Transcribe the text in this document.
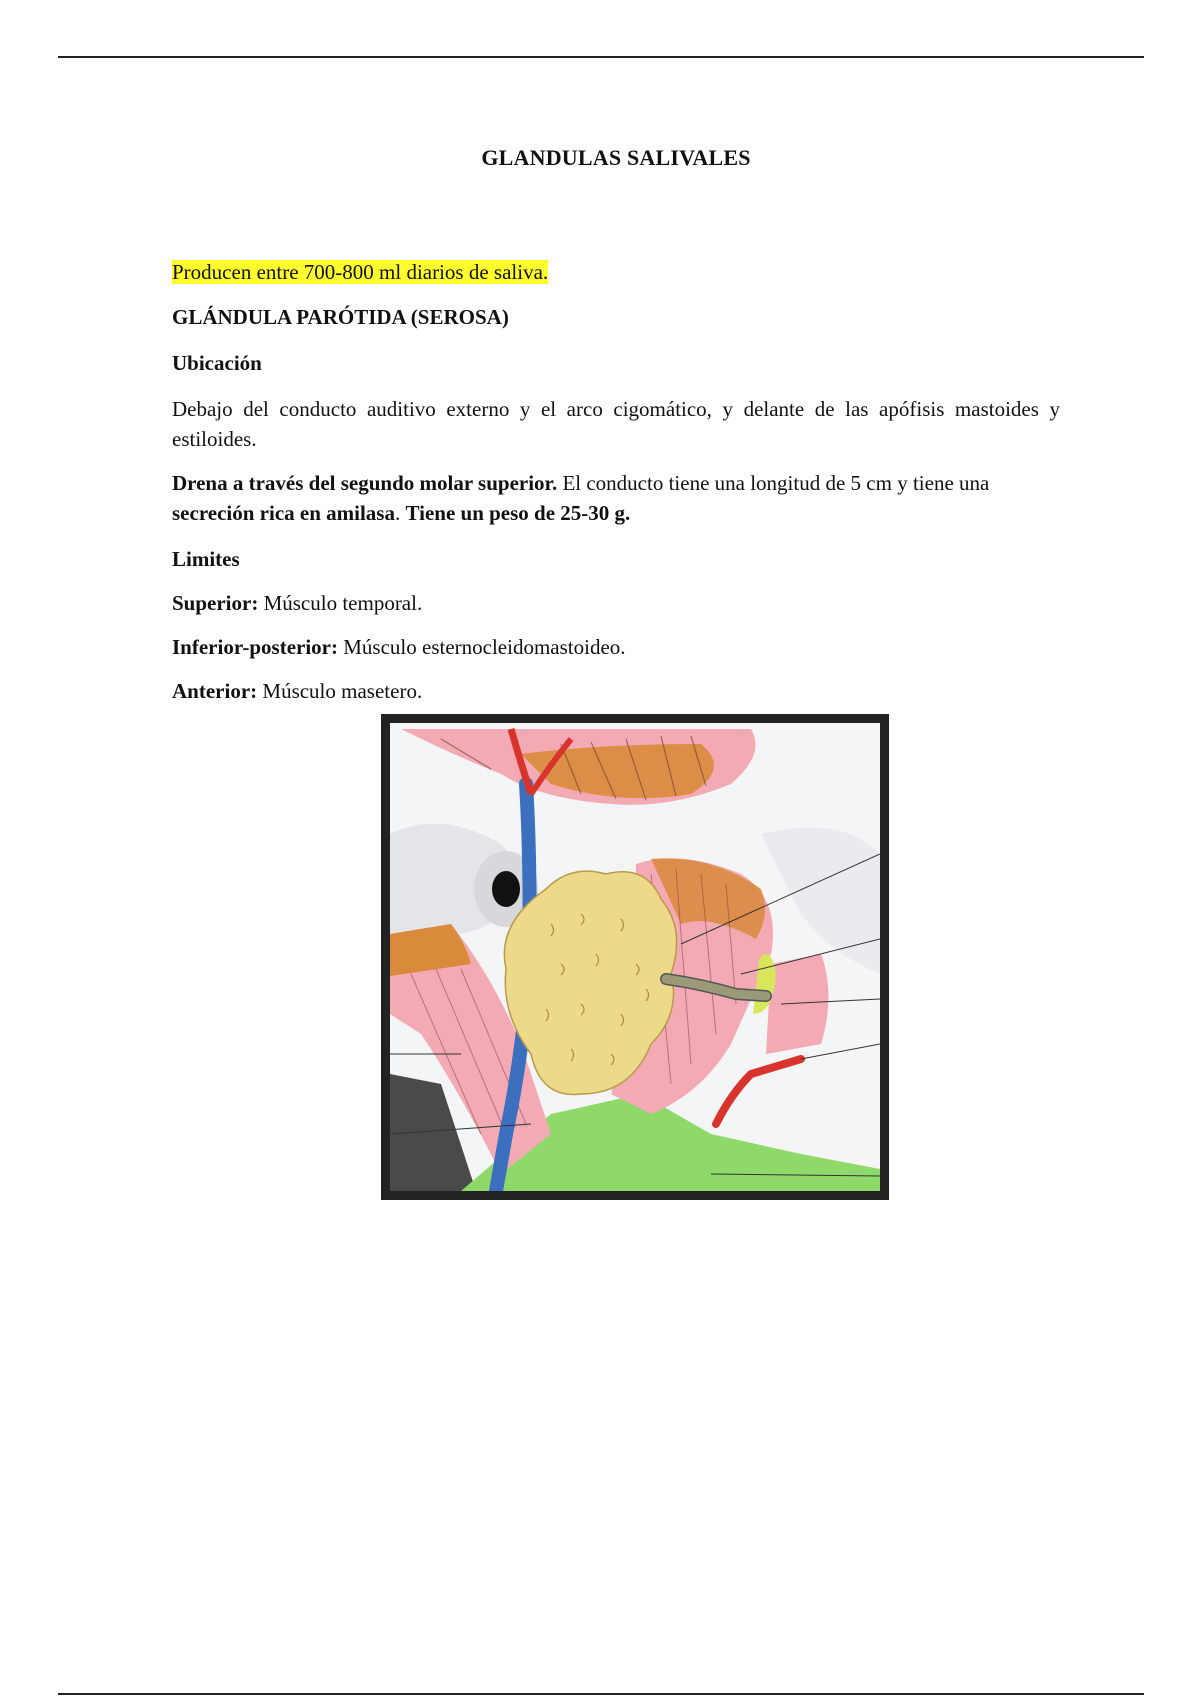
GLANDULAS SALIVALES

Producen entre 700-800 ml diarios de saliva.

GLÁNDULA PARÓTIDA (SEROSA)

Ubicación

Debajo del conducto auditivo externo y el arco cigomático, y delante de las apófisis mastoides y estiloides.

Drena a través del segundo molar superior. El conducto tiene una longitud de 5 cm y tiene una secreción rica en amilasa. Tiene un peso de 25-30 g.

Limites

Superior: Músculo temporal.

Inferior-posterior: Músculo esternocleidomastoideo.

Anterior: Músculo masetero.
